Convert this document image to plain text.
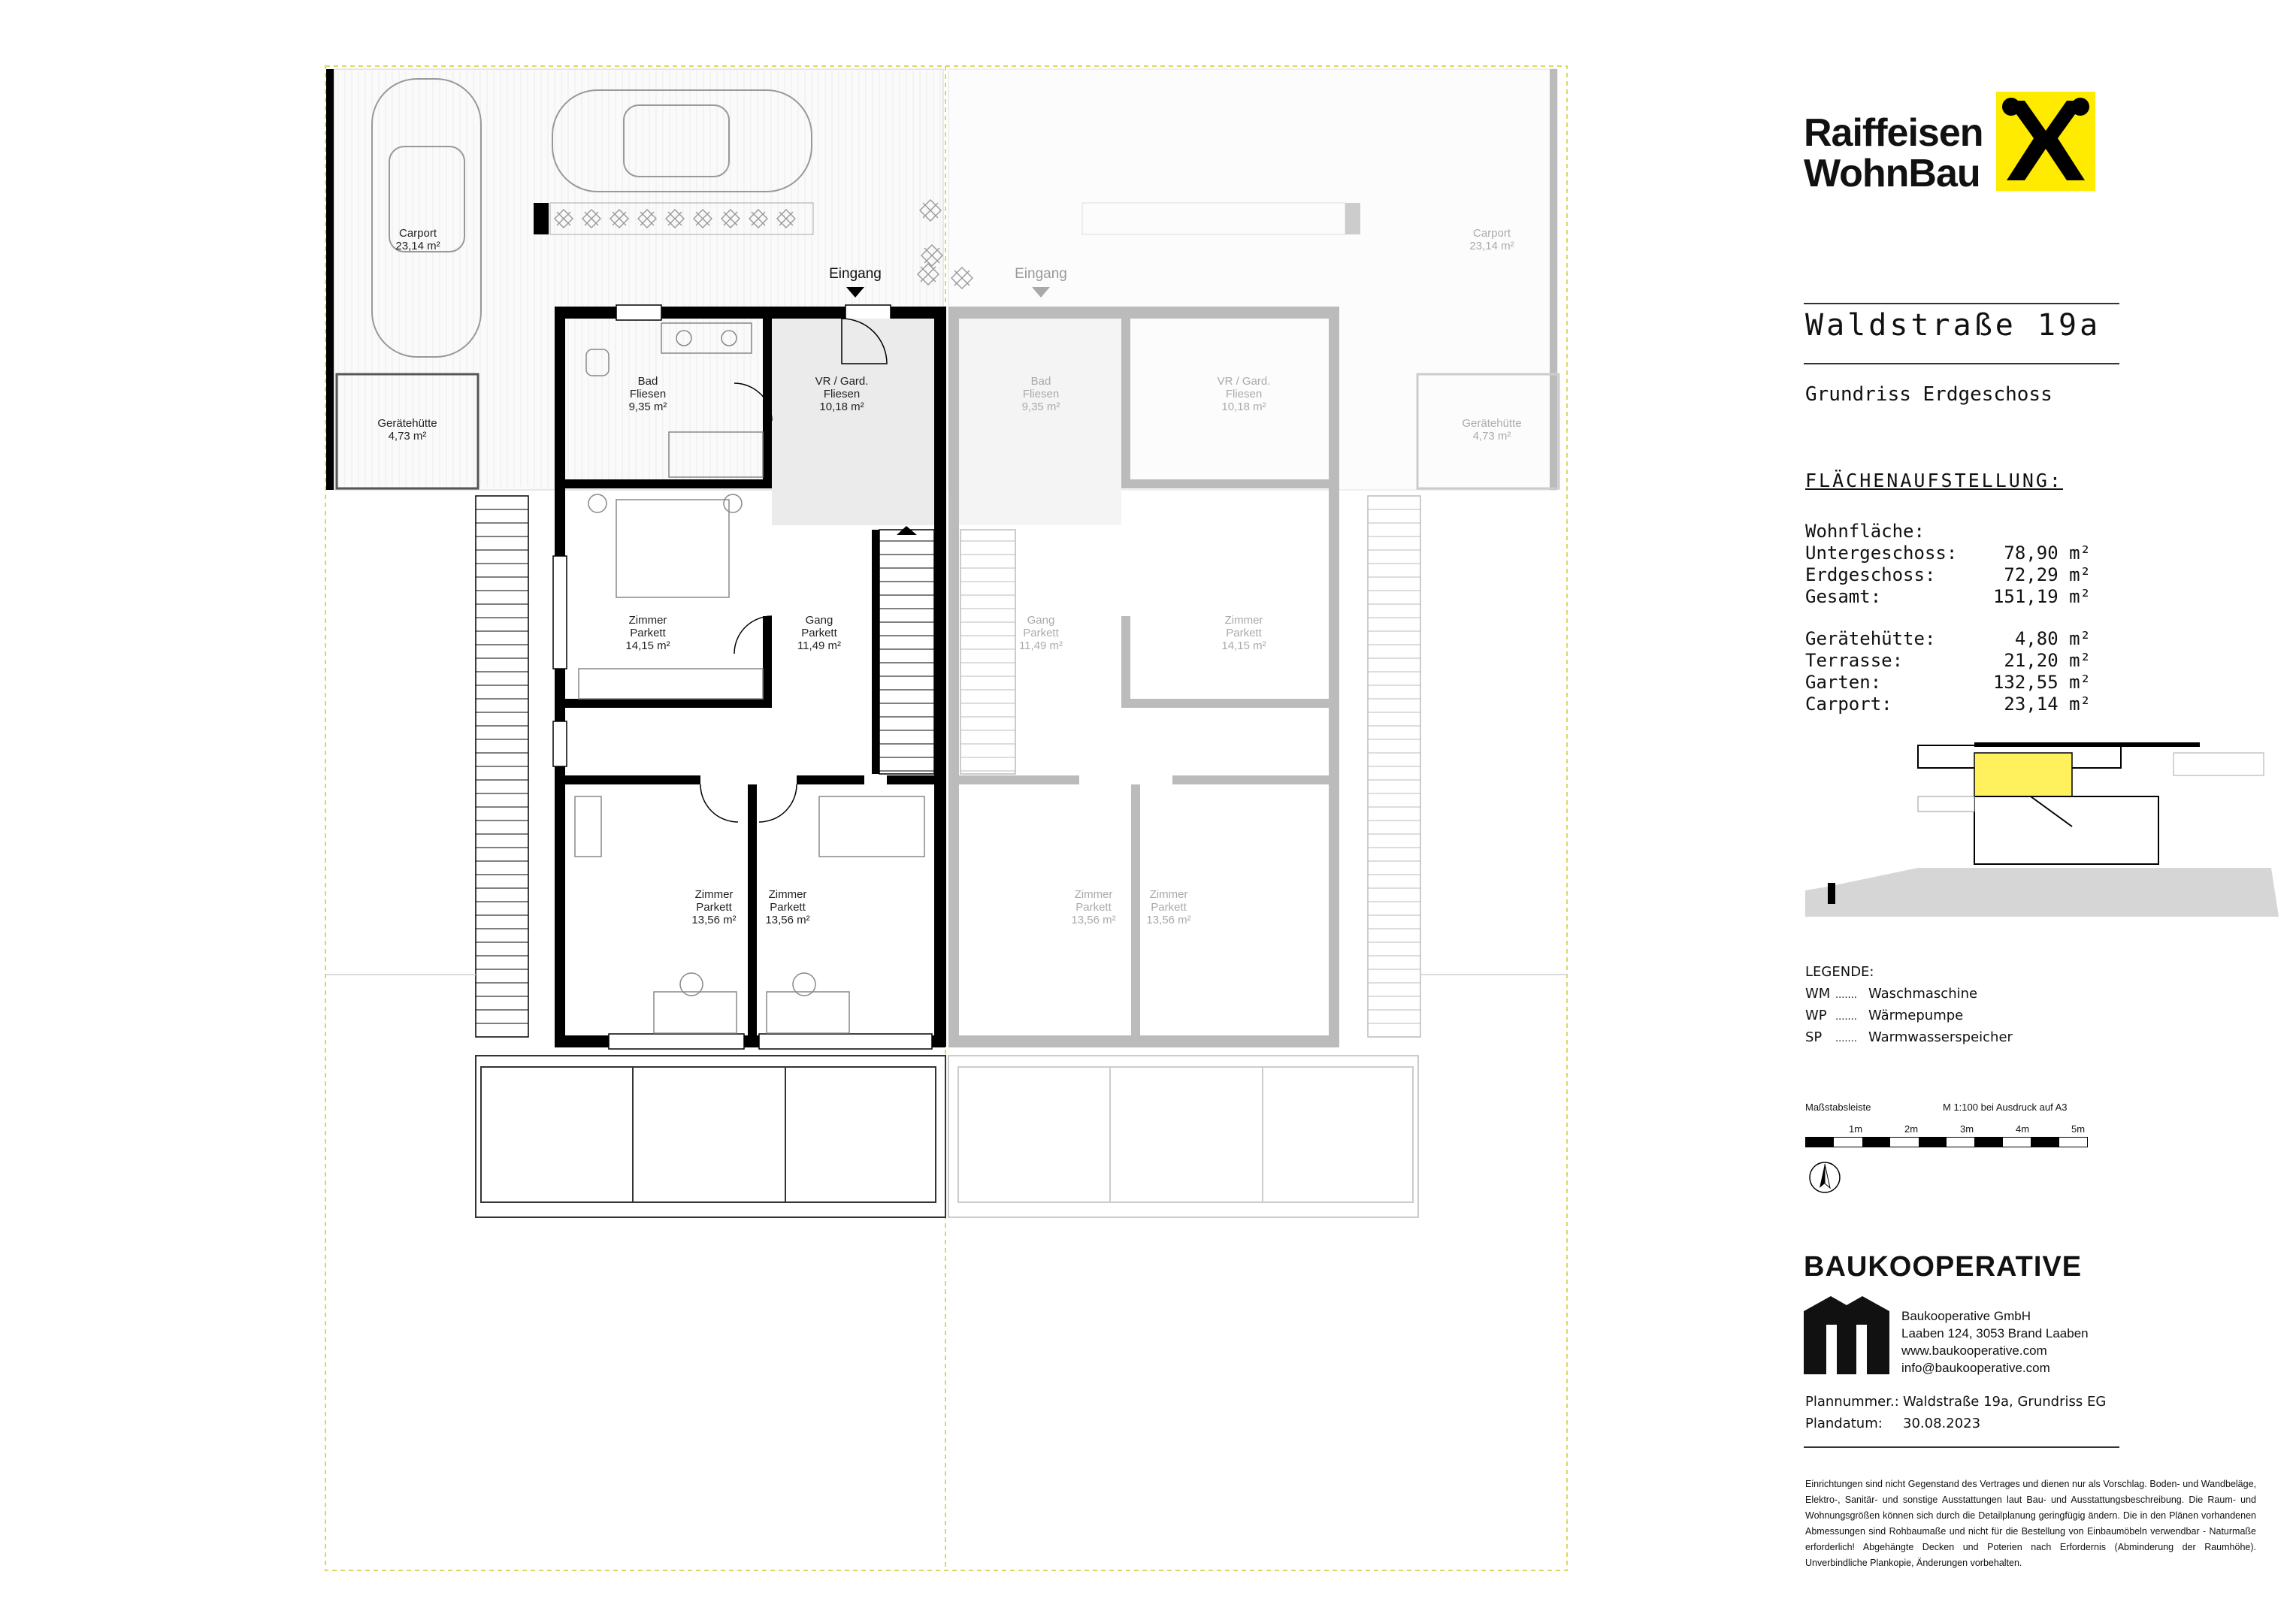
Eingang	Eingang
Carport
23,14 m²
Carport
23,14 m²
Gerätehütte
4,73 m²
Gerätehütte
4,73 m²
Bad
Fliesen
9,35 m²
Bad
Fliesen
9,35 m²
VR / Gard.
Fliesen
10,18 m²
VR / Gard.
Fliesen
10,18 m²
Zimmer
Parkett
14,15 m²
Zimmer
Parkett
14,15 m²
Gang
Parkett
11,49 m²
Gang
Parkett
11,49 m²
Zimmer
Parkett
13,56 m²
Zimmer
Parkett
13,56 m²
Zimmer
Parkett
13,56 m²
Zimmer
Parkett
13,56 m²
Raiffeisen
WohnBau
Waldstraße 19a
Grundriss Erdgeschoss
FLÄCHENAUFSTELLUNG:
Wohnfläche:
Untergeschoss:	78,90 m²
Erdgeschoss:	72,29 m²
Gesamt:	151,19 m²
Gerätehütte:	4,80 m²
Terrasse:	21,20 m²
Garten:	132,55 m²
Carport:	23,14 m²
LEGENDE:
WM ....... Waschmaschine
WP ....... Wärmepumpe
SP ....... Warmwasserspeicher
Maßstabsleiste	M 1:100 bei Ausdruck auf A3
1m	2m	3m	4m	5m
BAUKOOPERATIVE
Baukooperative GmbH
Laaben 124, 3053 Brand Laaben
www.baukooperative.com
info@baukooperative.com
Plannummer.: Waldstraße 19a, Grundriss EG
Plandatum: 30.08.2023
Einrichtungen sind nicht Gegenstand des Vertrages und dienen nur als Vorschlag. Boden- und Wandbeläge, Elektro-, Sanitär- und sonstige Ausstattungen laut Bau- und Ausstattungsbeschreibung. Die Raum- und Wohnungsgrößen können sich durch die Detailplanung geringfügig ändern. Die in den Plänen vorhandenen Abmessungen sind Rohbaumaße und nicht für die Bestellung von Einbaumöbeln verwendbar - Naturmaße erforderlich! Abgehängte Decken und Poterien nach Erfordernis (Abminderung der Raumhöhe). Unverbindliche Plankopie, Änderungen vorbehalten.
